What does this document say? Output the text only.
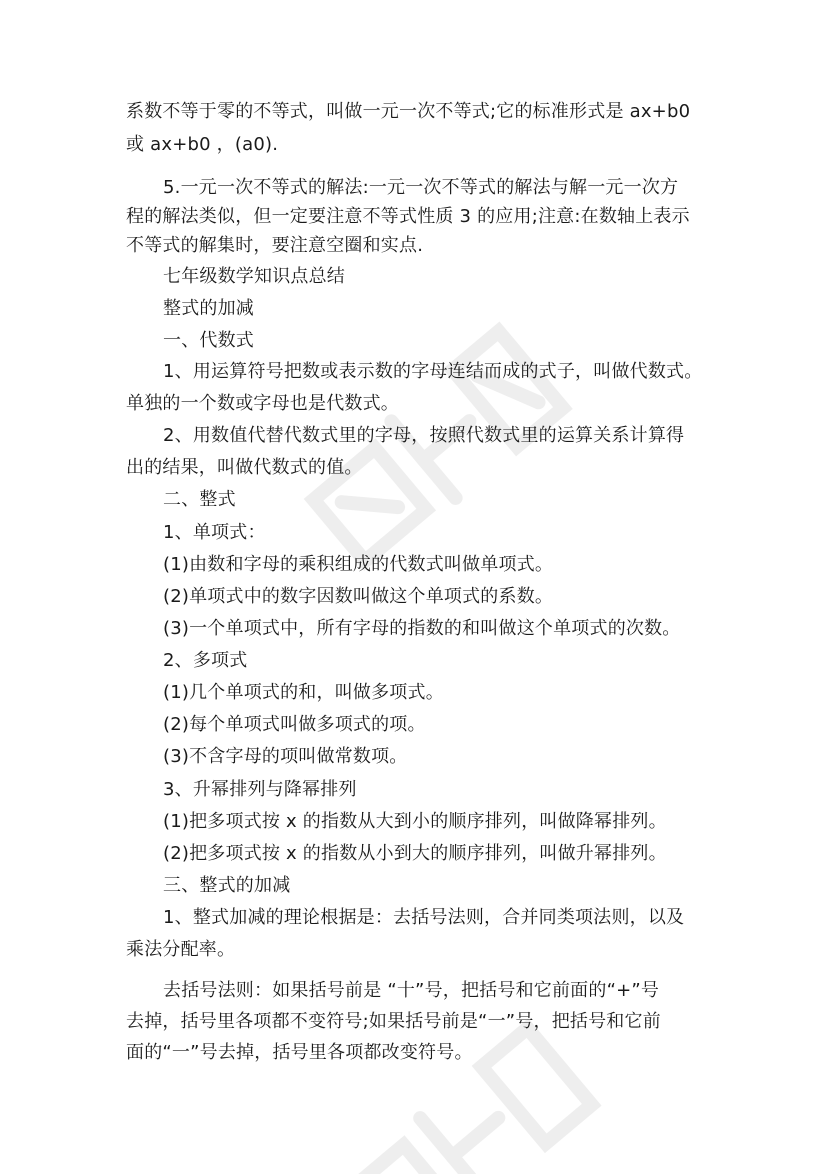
系数不等于零的不等式，叫做一元一次不等式;它的标准形式是 ax+b0
或 ax+b0 ，(a0).
5.一元一次不等式的解法:一元一次不等式的解法与解一元一次方
程的解法类似，但一定要注意不等式性质 3 的应用;注意:在数轴上表示
不等式的解集时，要注意空圈和实点.
七年级数学知识点总结
整式的加减
一、代数式
1、用运算符号把数或表示数的字母连结而成的式子，叫做代数式。
单独的一个数或字母也是代数式。
2、用数值代替代数式里的字母，按照代数式里的运算关系计算得
出的结果，叫做代数式的值。
二、整式
1、单项式：
(1)由数和字母的乘积组成的代数式叫做单项式。
(2)单项式中的数字因数叫做这个单项式的系数。
(3)一个单项式中，所有字母的指数的和叫做这个单项式的次数。
2、多项式
(1)几个单项式的和，叫做多项式。
(2)每个单项式叫做多项式的项。
(3)不含字母的项叫做常数项。
3、升幂排列与降幂排列
(1)把多项式按 x 的指数从大到小的顺序排列，叫做降幂排列。
(2)把多项式按 x 的指数从小到大的顺序排列，叫做升幂排列。
三、整式的加减
1、整式加减的理论根据是：去括号法则，合并同类项法则，以及
乘法分配率。
去括号法则：如果括号前是 “十”号，把括号和它前面的“+”号
去掉，括号里各项都不变符号;如果括号前是“一”号，把括号和它前
面的“一”号去掉，括号里各项都改变符号。
